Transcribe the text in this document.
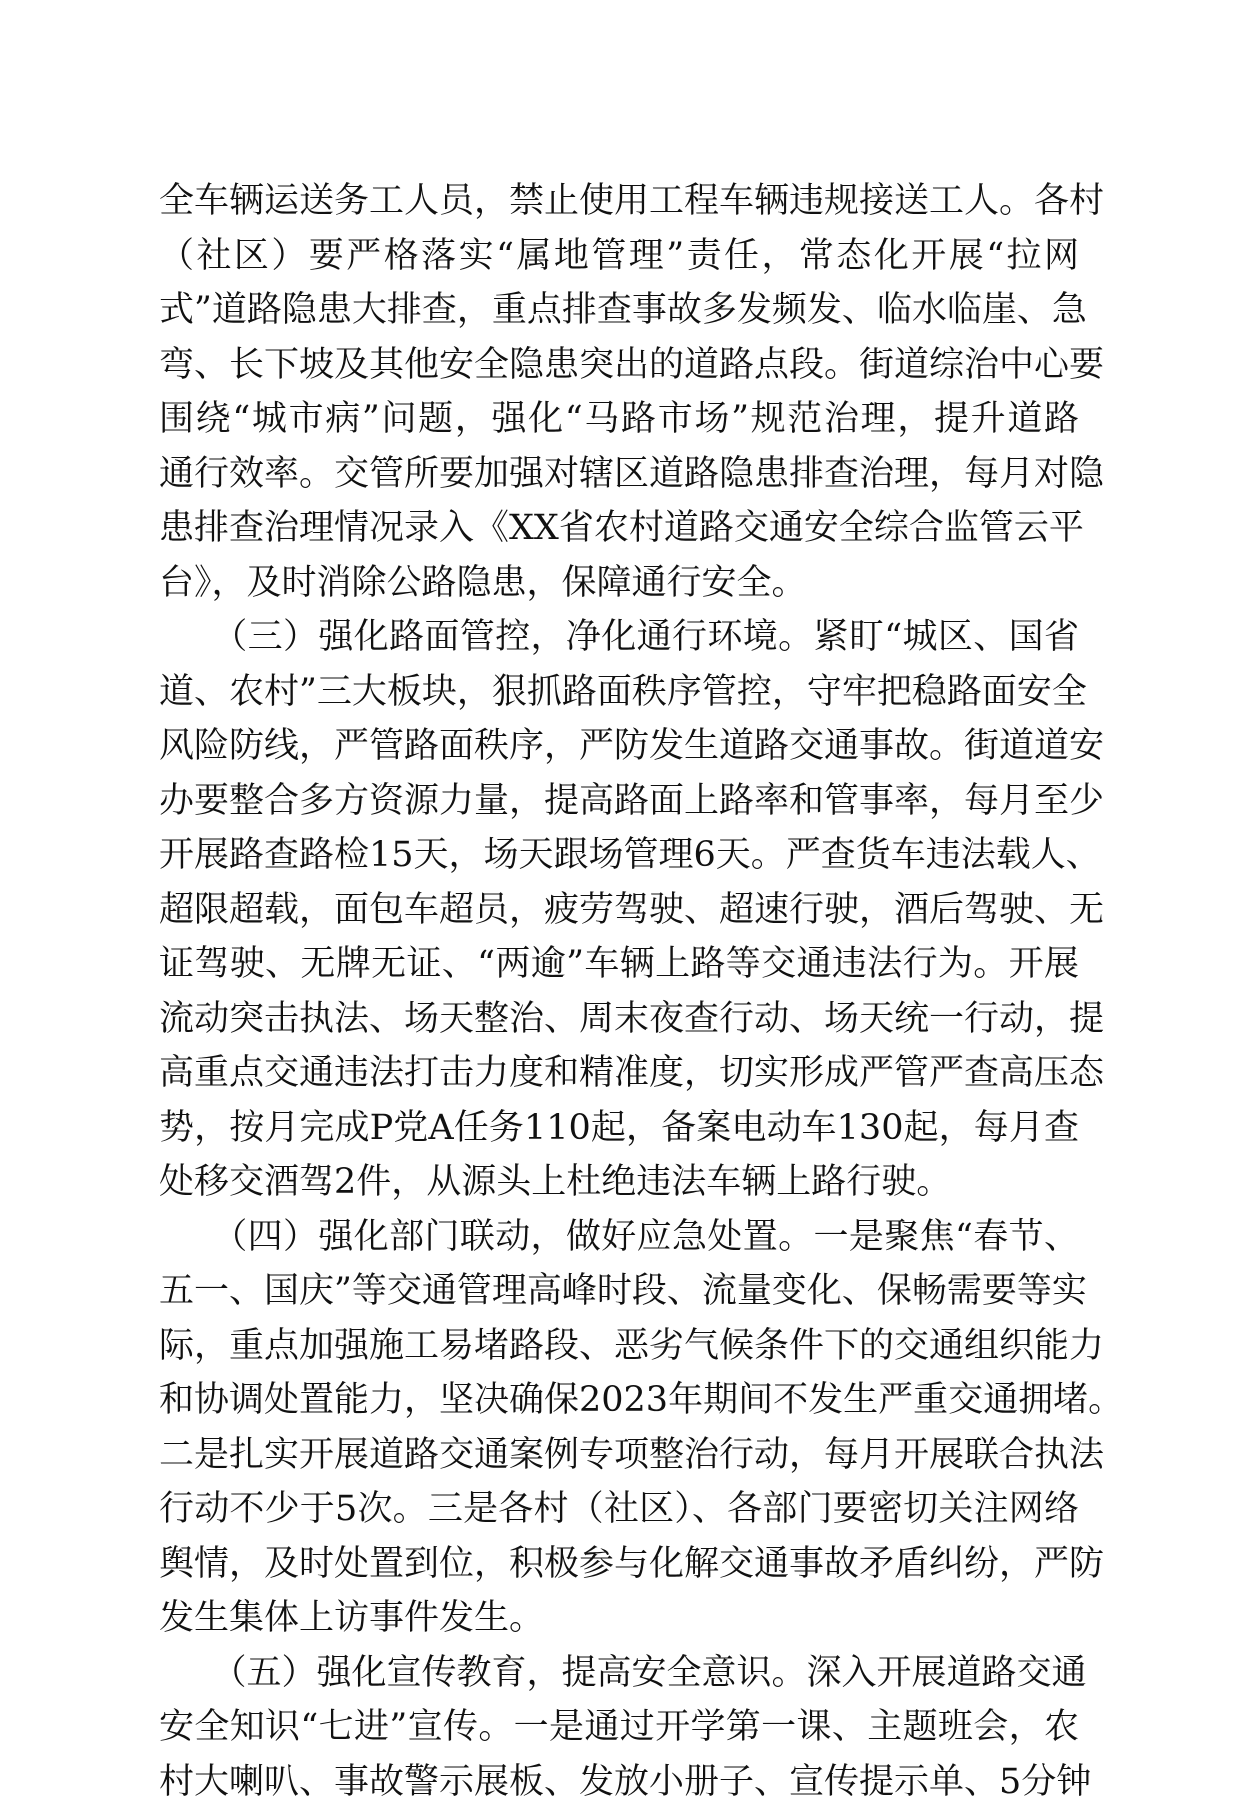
全车辆运送务工人员，禁止使用工程车辆违规接送工人。各村
（社区）要严格落实“属地管理”责任，常态化开展“拉网
式”道路隐患大排查，重点排查事故多发频发、临水临崖、急
弯、长下坡及其他安全隐患突出的道路点段。街道综治中心要
围绕“城市病”问题，强化“马路市场”规范治理，提升道路
通行效率。交管所要加强对辖区道路隐患排查治理，每月对隐
患排查治理情况录入《XX省农村道路交通安全综合监管云平
台》，及时消除公路隐患，保障通行安全。
　　（三）强化路面管控，净化通行环境。紧盯“城区、国省
道、农村”三大板块，狠抓路面秩序管控，守牢把稳路面安全
风险防线，严管路面秩序，严防发生道路交通事故。街道道安
办要整合多方资源力量，提高路面上路率和管事率，每月至少
开展路查路检15天，场天跟场管理6天。严查货车违法载人、
超限超载，面包车超员，疲劳驾驶、超速行驶，酒后驾驶、无
证驾驶、无牌无证、“两逾”车辆上路等交通违法行为。开展
流动突击执法、场天整治、周末夜查行动、场天统一行动，提
高重点交通违法打击力度和精准度，切实形成严管严查高压态
势，按月完成P党A任务110起，备案电动车130起，每月查
处移交酒驾2件，从源头上杜绝违法车辆上路行驶。
　　（四）强化部门联动，做好应急处置。一是聚焦“春节、
五一、国庆”等交通管理高峰时段、流量变化、保畅需要等实
际，重点加强施工易堵路段、恶劣气候条件下的交通组织能力
和协调处置能力，坚决确保2023年期间不发生严重交通拥堵。
二是扎实开展道路交通案例专项整治行动，每月开展联合执法
行动不少于5次。三是各村（社区）、各部门要密切关注网络
舆情，及时处置到位，积极参与化解交通事故矛盾纠纷，严防
发生集体上访事件发生。
　　（五）强化宣传教育，提高安全意识。深入开展道路交通
安全知识“七进”宣传。一是通过开学第一课、主题班会，农
村大喇叭、事故警示展板、发放小册子、宣传提示单、5分钟
